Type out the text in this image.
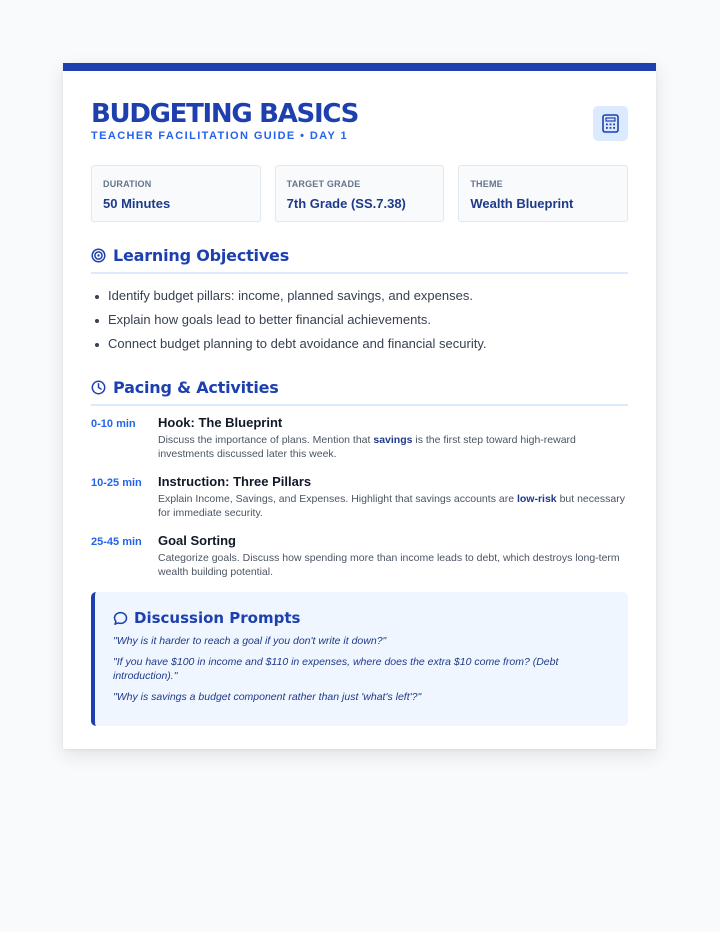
BUDGETING BASICS
TEACHER FACILITATION GUIDE • DAY 1
DURATION
50 Minutes
TARGET GRADE
7th Grade (SS.7.38)
THEME
Wealth Blueprint
Learning Objectives
Identify budget pillars: income, planned savings, and expenses.
Explain how goals lead to better financial achievements.
Connect budget planning to debt avoidance and financial security.
Pacing & Activities
0-10 min	Hook: The Blueprint
Discuss the importance of plans. Mention that savings is the first step toward high-reward investments discussed later this week.
10-25 min	Instruction: Three Pillars
Explain Income, Savings, and Expenses. Highlight that savings accounts are low-risk but necessary for immediate security.
25-45 min	Goal Sorting
Categorize goals. Discuss how spending more than income leads to debt, which destroys long-term wealth building potential.
Discussion Prompts
"Why is it harder to reach a goal if you don't write it down?"
"If you have $100 in income and $110 in expenses, where does the extra $10 come from? (Debt introduction)."
"Why is savings a budget component rather than just 'what's left'?"
